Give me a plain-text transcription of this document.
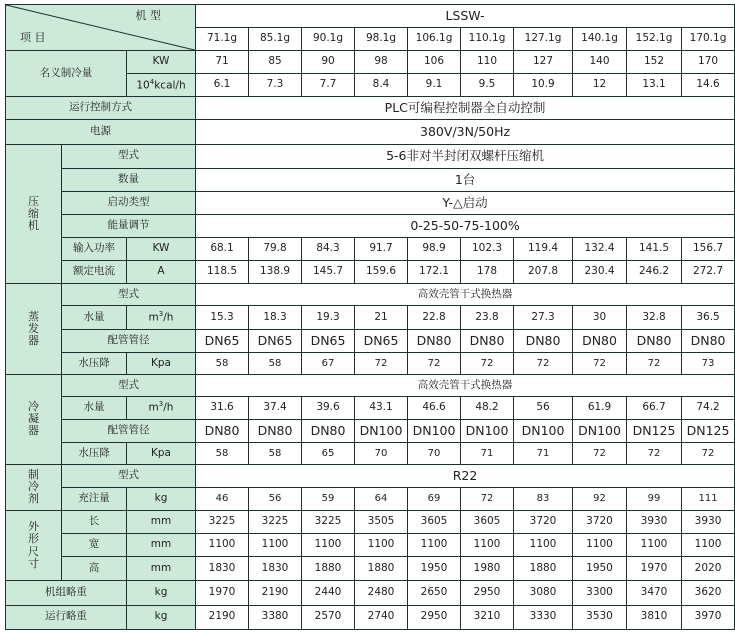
机 型
项 目			LSSW-									
			71.1g	85.1g	90.1g	98.1g	106.1g	110.1g	127.1g	140.1g	152.1g	170.1g
名义制冷量		KW	71	85	90	98	106	110	127	140	152	170
		$10^4kcal/h$	6.1	7.3	7.7	8.4	9.1	9.5	10.9	12	13.1	14.6
运行控制方式			PLC可编程控制器全自动控制									
电源			380V/3N/50Hz									
压
缩
机	型式		5-6非对半封闭双螺杆压缩机									
	数量		1台									
	启动类型		Y-△启动									
	能量调节		0-25-50-75-100%									
	输入功率	KW	68.1	79.8	84.3	91.7	98.9	102.3	119.4	132.4	141.5	156.7
	额定电流	A	118.5	138.9	145.7	159.6	172.1	178	207.8	230.4	246.2	272.7
蒸
发
器	型式		高效壳管干式换热器									
	水量	$m^3/h$	15.3	18.3	19.3	21	22.8	23.8	27.3	30	32.8	36.5
	配管管径		DN65	DN65	DN65	DN65	DN80	DN80	DN80	DN80	DN80	DN80
	水压降	Kpa	58	58	67	72	72	72	72	72	72	73
冷
凝
器	型式		高效壳管干式换热器									
	水量	$m^3/h$	31.6	37.4	39.6	43.1	46.6	48.2	56	61.9	66.7	74.2
	配管管径		DN80	DN80	DN80	DN100	DN100	DN100	DN100	DN100	DN125	DN125
	水压降	Kpa	58	58	65	70	70	71	71	72	72	72
制
冷
剂	型式		R22									
	充注量	kg	46	56	59	64	69	72	83	92	99	111
外
形
尺
寸	长	mm	3225	3225	3225	3505	3605	3605	3720	3720	3930	3930
	宽	mm	1100	1100	1100	1100	1100	1100	1100	1100	1100	1100
	高	mm	1830	1830	1880	1880	1950	1980	1880	1950	1970	2020
机组略重		kg	1970	2190	2440	2480	2650	2950	3080	3300	3470	3620
运行略重		kg	2190	3380	2570	2740	2950	3210	3330	3530	3810	3970
